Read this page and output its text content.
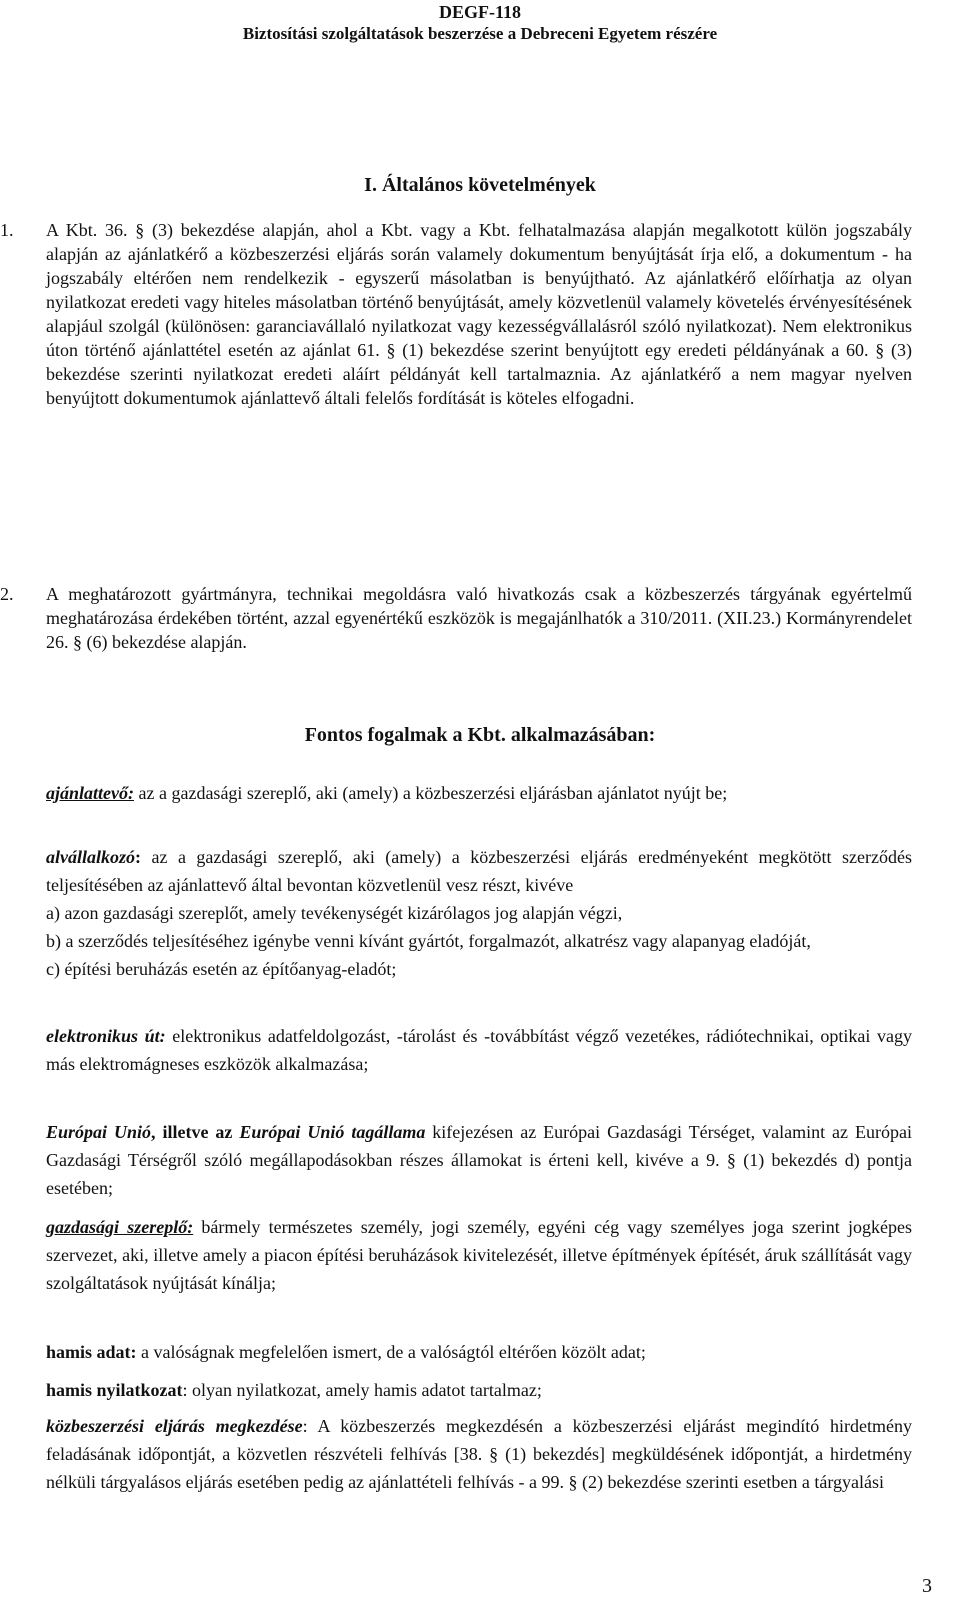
DEGF-118
Biztosítási szolgáltatások beszerzése a Debreceni Egyetem részére
I. Általános követelmények
1. A Kbt. 36. § (3) bekezdése alapján, ahol a Kbt. vagy a Kbt. felhatalmazása alapján megalkotott külön jogszabály alapján az ajánlatkérő a közbeszerzési eljárás során valamely dokumentum benyújtását írja elő, a dokumentum - ha jogszabály eltérően nem rendelkezik - egyszerű másolatban is benyújtható. Az ajánlatkérő előírhatja az olyan nyilatkozat eredeti vagy hiteles másolatban történő benyújtását, amely közvetlenül valamely követelés érvényesítésének alapjául szolgál (különösen: garanciavállaló nyilatkozat vagy kezességvállalásról szóló nyilatkozat). Nem elektronikus úton történő ajánlattétel esetén az ajánlat 61. § (1) bekezdése szerint benyújtott egy eredeti példányának a 60. § (3) bekezdése szerinti nyilatkozat eredeti aláírt példányát kell tartalmaznia. Az ajánlatkérő a nem magyar nyelven benyújtott dokumentumok ajánlattevő általi felelős fordítását is köteles elfogadni.
2. A meghatározott gyártmányra, technikai megoldásra való hivatkozás csak a közbeszerzés tárgyának egyértelmű meghatározása érdekében történt, azzal egyenértékű eszközök is megajánlhatók a 310/2011. (XII.23.) Kormányrendelet 26. § (6) bekezdése alapján.
Fontos fogalmak a Kbt. alkalmazásában:
ajánlattevő: az a gazdasági szereplő, aki (amely) a közbeszerzési eljárásban ajánlatot nyújt be;

alvállalkozó: az a gazdasági szereplő, aki (amely) a közbeszerzési eljárás eredményeként megkötött szerződés teljesítésében az ajánlattevő által bevontan közvetlenül vesz részt, kivéve

a) azon gazdasági szereplőt, amely tevékenységét kizárólagos jog alapján végzi,

b) a szerződés teljesítéséhez igénybe venni kívánt gyártót, forgalmazót, alkatrész vagy alapanyag eladóját,

c) építési beruházás esetén az építőanyag-eladót;

elektronikus út: elektronikus adatfeldolgozást, -tárolást és -továbbítást végző vezetékes, rádiótechnikai, optikai vagy más elektromágneses eszközök alkalmazása;
Európai Unió, illetve az Európai Unió tagállama kifejezésen az Európai Gazdasági Térséget, valamint az Európai Gazdasági Térségről szóló megállapodásokban részes államokat is érteni kell, kivéve a 9. § (1) bekezdés d) pontja esetében;
gazdasági szereplő: bármely természetes személy, jogi személy, egyéni cég vagy személyes joga szerint jogképes szervezet, aki, illetve amely a piacon építési beruházások kivitelezését, illetve építmények építését, áruk szállítását vagy szolgáltatások nyújtását kínálja;
hamis adat: a valóságnak megfelelően ismert, de a valóságtól eltérően közölt adat;
hamis nyilatkozat: olyan nyilatkozat, amely hamis adatot tartalmaz;
közbeszerzési eljárás megkezdése: A közbeszerzés megkezdésén a közbeszerzési eljárást megindító hirdetmény feladásának időpontját, a közvetlen részvételi felhívás [38. § (1) bekezdés] megküldésének időpontját, a hirdetmény nélküli tárgyalásos eljárás esetében pedig az ajánlattételi felhívás - a 99. § (2) bekezdése szerinti esetben a tárgyalási
3
